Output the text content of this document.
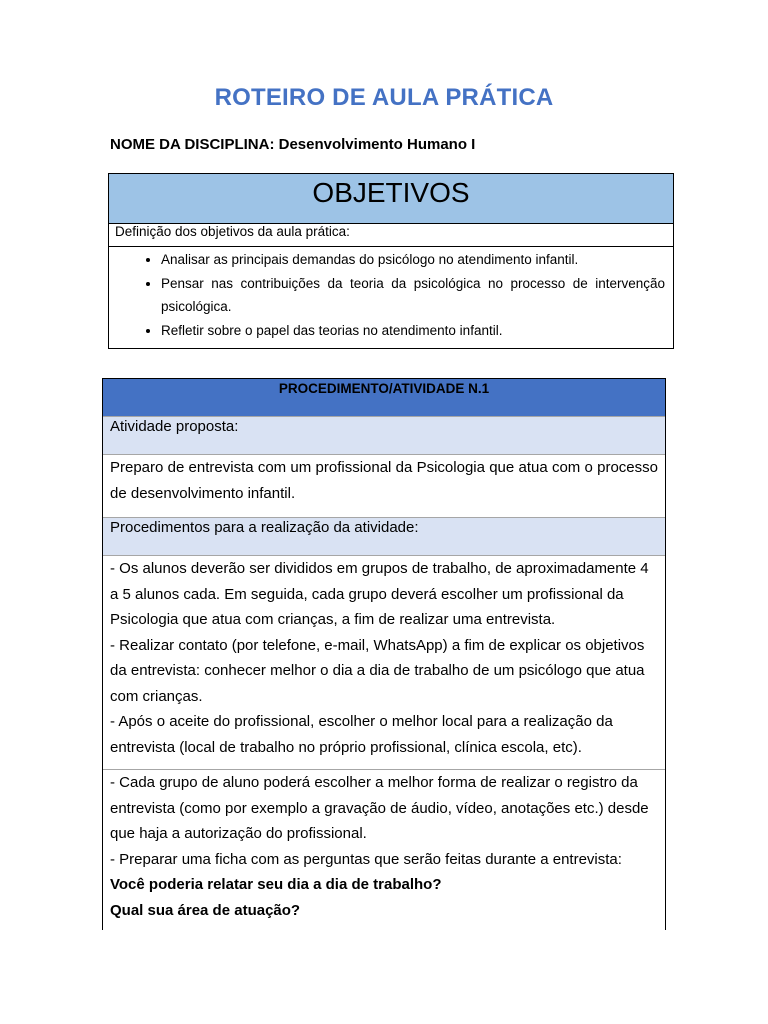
ROTEIRO DE AULA PRÁTICA
NOME DA DISCIPLINA: Desenvolvimento Humano I
OBJETIVOS
Definição dos objetivos da aula prática:
• Analisar as principais demandas do psicólogo no atendimento infantil.
• Pensar nas contribuições da teoria da psicológica no processo de intervenção psicológica.
• Refletir sobre o papel das teorias no atendimento infantil.
PROCEDIMENTO/ATIVIDADE N.1
Atividade proposta:
Preparo de entrevista com um profissional da Psicologia que atua com o processo de desenvolvimento infantil.
Procedimentos para a realização da atividade:

- Os alunos deverão ser divididos em grupos de trabalho, de aproximadamente 4 a 5 alunos cada. Em seguida, cada grupo deverá escolher um profissional da Psicologia que atua com crianças, a fim de realizar uma entrevista.

- Realizar contato (por telefone, e-mail, WhatsApp) a fim de explicar os objetivos da entrevista: conhecer melhor o dia a dia de trabalho de um psicólogo que atua com crianças.

- Após o aceite do profissional, escolher o melhor local para a realização da entrevista (local de trabalho no próprio profissional, clínica escola, etc).

- Cada grupo de aluno poderá escolher a melhor forma de realizar o registro da entrevista (como por exemplo a gravação de áudio, vídeo, anotações etc.) desde que haja a autorização do profissional.

- Preparar uma ficha com as perguntas que serão feitas durante a entrevista:

Você poderia relatar seu dia a dia de trabalho?

Qual sua área de atuação?
